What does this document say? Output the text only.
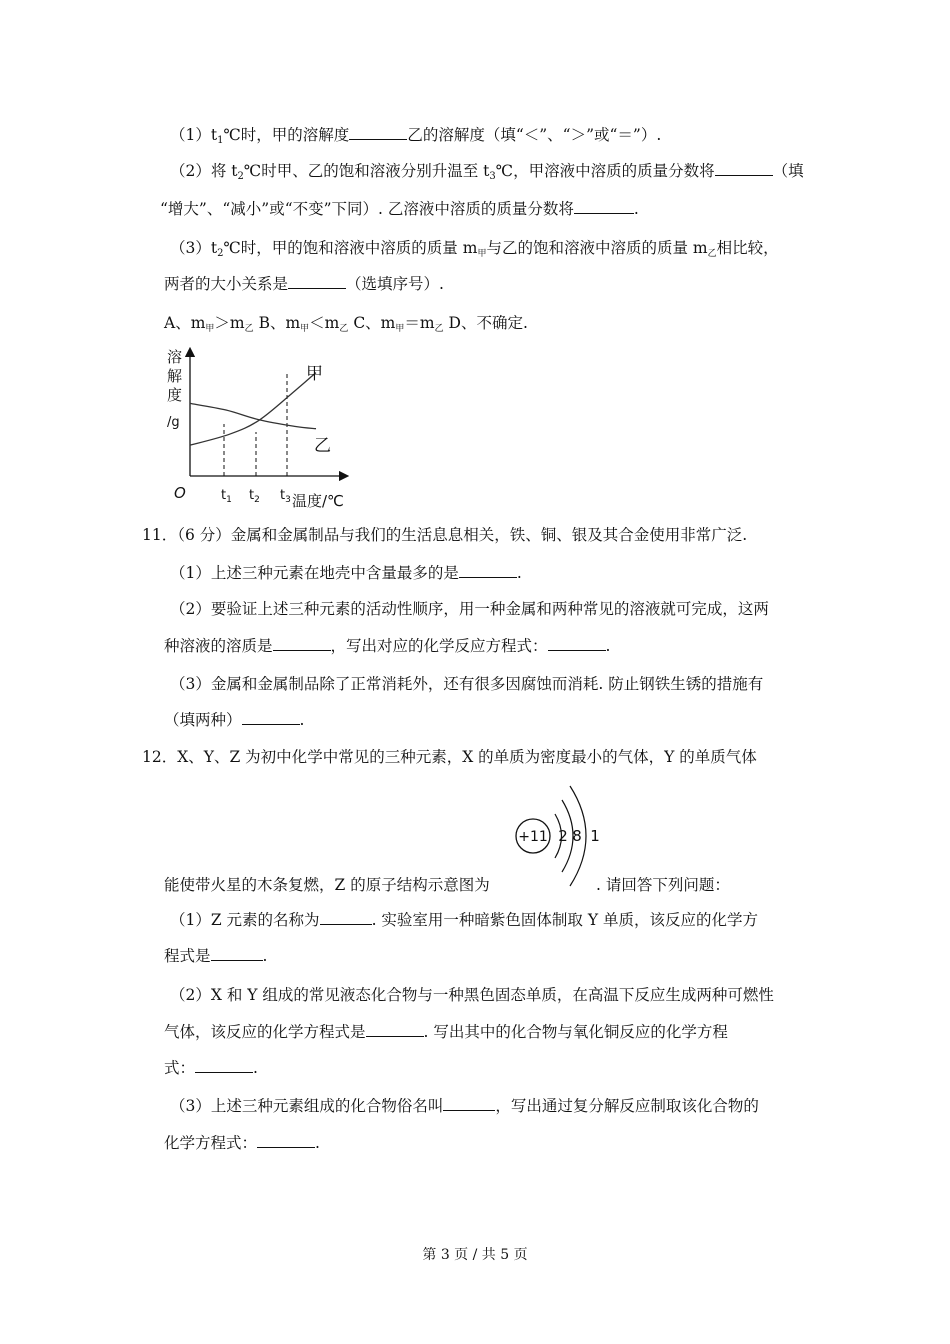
$(1)t_1℃$时，甲的溶解度	乙的溶解度（填“＜”、“＞”或“＝”）.
（2）将 $t_2℃$时甲、乙的饱和溶液分别升温至 $t_3℃$，甲溶液中溶质的质量分数将	（填
“增大”、“减小”或“不变”下同）. 乙溶液中溶质的质量分数将	.
$(3)t_2℃$时，甲的饱和溶液中溶质的质量 $m_甲$与乙的饱和溶液中溶质的质量 $m_乙$相比较，
两者的大小关系是	（选填序号）.
A、$m_甲>m_乙$ B、$m_甲<m_乙$ C、$m_甲=m_乙$ D、不确定.
溶
解
度
/g
O
甲
乙
$t_1$ $t_2$ $t_3$ 温度/℃
11．（6 分）金属和金属制品与我们的生活息息相关，铁、铜、银及其合金使用非常广泛.
（1）上述三种元素在地壳中含量最多的是	.
（2）要验证上述三种元素的活动性顺序，用一种金属和两种常见的溶液就可完成，这两
种溶液的溶质是	，写出对应的化学反应方程式：	.
（3）金属和金属制品除了正常消耗外，还有很多因腐蚀而消耗. 防止钢铁生锈的措施有
（填两种）	.
12．X、Y、Z 为初中化学中常见的三种元素，X 的单质为密度最小的气体，Y 的单质气体
+11 2 8 1
能使带火星的木条复燃，Z 的原子结构示意图为	. 请回答下列问题：
（1）Z 元素的名称为	. 实验室用一种暗紫色固体制取 Y 单质，该反应的化学方
程式是	.
（2）X 和 Y 组成的常见液态化合物与一种黑色固态单质，在高温下反应生成两种可燃性
气体，该反应的化学方程式是	. 写出其中的化合物与氧化铜反应的化学方程
式：	.
（3）上述三种元素组成的化合物俗名叫	，写出通过复分解反应制取该化合物的
化学方程式：	.
第 3 页 / 共 5 页
